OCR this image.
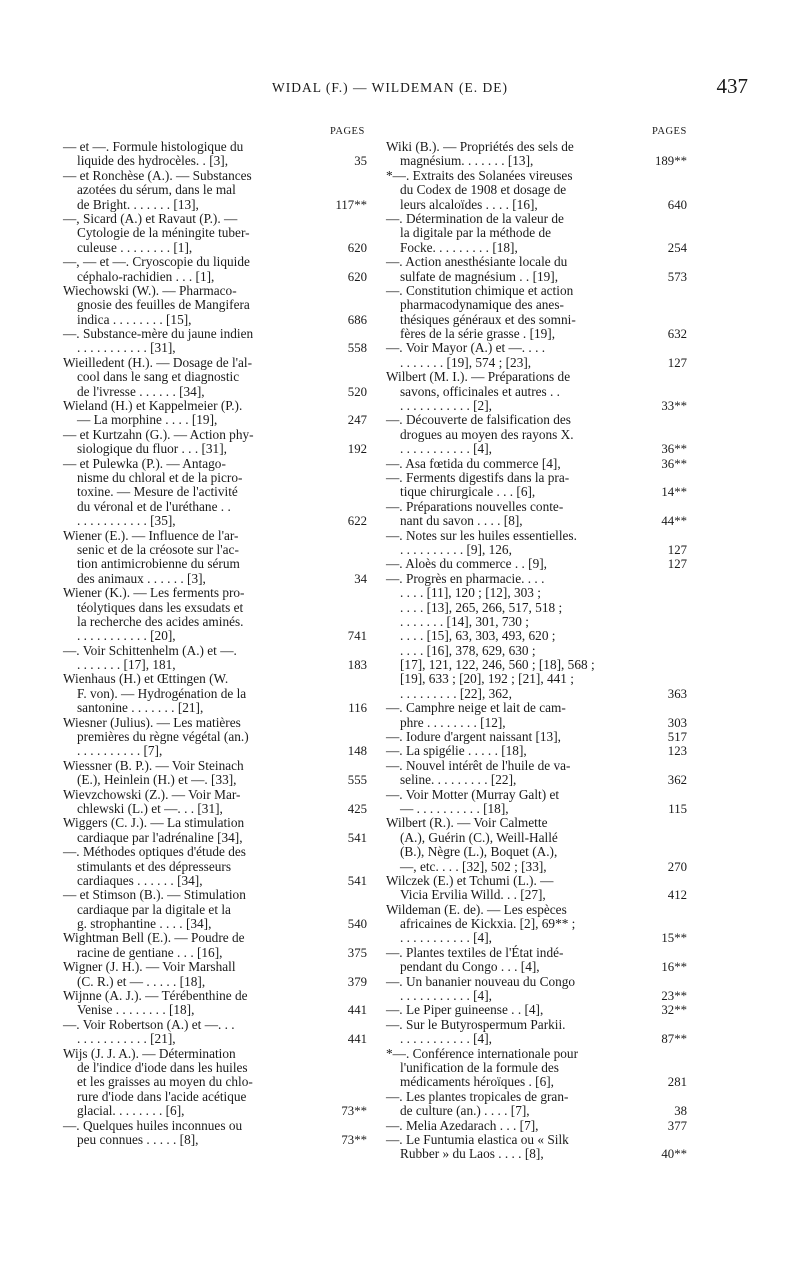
WIDAL (F.) — WILDEMAN (E. DE)	437
PAGES	PAGES
— et —. Formule histologique du
liquide des hydrocèles. . [3],	35
— et Ronchèse (A.). — Substances
azotées du sérum, dans le mal
de Bright. . . . . . . [13],	117**
—, Sicard (A.) et Ravaut (P.). —
Cytologie de la méningite tuber-
culeuse . . . . . . . . [1],	620
—, — et —. Cryoscopie du liquide
céphalo-rachidien . . . [1],	620
Wiechowski (W.). — Pharmaco-
gnosie des feuilles de Mangifera
indica . . . . . . . . [15],	686
—. Substance-mère du jaune indien
. . . . . . . . . . . [31],	558
Wieilledent (H.). — Dosage de l'al-
cool dans le sang et diagnostic
de l'ivresse . . . . . . [34],	520
Wieland (H.) et Kappelmeier (P.).
— La morphine . . . . [19],	247
— et Kurtzahn (G.). — Action phy-
siologique du fluor . . . [31],	192
— et Pulewka (P.). — Antago-
nisme du chloral et de la picro-
toxine. — Mesure de l'activité
du véronal et de l'uréthane . .
. . . . . . . . . . . [35],	622
Wiener (E.). — Influence de l'ar-
senic et de la créosote sur l'ac-
tion antimicrobienne du sérum
des animaux . . . . . . [3],	34
Wiener (K.). — Les ferments pro-
téolytiques dans les exsudats et
la recherche des acides aminés.
. . . . . . . . . . . [20],	741
—. Voir Schittenhelm (A.) et —.
. . . . . . . [17], 181,	183
Wienhaus (H.) et Œttingen (W.
F. von). — Hydrogénation de la
santonine . . . . . . . [21],	116
Wiesner (Julius). — Les matières
premières du règne végétal (an.)
. . . . . . . . . . [7],	148
Wiessner (B. P.). — Voir Steinach
(E.), Heinlein (H.) et —. [33],	555
Wievzchowski (Z.). — Voir Mar-
chlewski (L.) et —. . . [31],	425
Wiggers (C. J.). — La stimulation
cardiaque par l'adrénaline [34],	541
—. Méthodes optiques d'étude des
stimulants et des dépresseurs
cardiaques . . . . . . [34],	541
— et Stimson (B.). — Stimulation
cardiaque par la digitale et la
g. strophantine . . . . [34],	540
Wightman Bell (E.). — Poudre de
racine de gentiane . . . [16],	375
Wigner (J. H.). — Voir Marshall
(C. R.) et — . . . . . [18],	379
Wijnne (A. J.). — Térébenthine de
Venise . . . . . . . . [18],	441
—. Voir Robertson (A.) et —. . .
. . . . . . . . . . . [21],	441
Wijs (J. J. A.). — Détermination
de l'indice d'iode dans les huiles
et les graisses au moyen du chlo-
rure d'iode dans l'acide acétique
glacial. . . . . . . . [6],	73**
—. Quelques huiles inconnues ou
peu connues . . . . . [8],	73**
Wiki (B.). — Propriétés des sels de
magnésium. . . . . . . [13],	189**
*—. Extraits des Solanées vireuses
du Codex de 1908 et dosage de
leurs alcaloïdes . . . . [16],	640
—. Détermination de la valeur de
la digitale par la méthode de
Focke. . . . . . . . . [18],	254
—. Action anesthésiante locale du
sulfate de magnésium . . [19],	573
—. Constitution chimique et action
pharmacodynamique des anes-
thésiques généraux et des somni-
fères de la série grasse . [19],	632
—. Voir Mayor (A.) et —. . . .
. . . . . . . [19], 574 ; [23],	127
Wilbert (M. I.). — Préparations de
savons, officinales et autres . .
. . . . . . . . . . . [2],	33**
—. Découverte de falsification des
drogues au moyen des rayons X.
. . . . . . . . . . . [4],	36**
—. Asa fœtida du commerce [4],	36**
—. Ferments digestifs dans la pra-
tique chirurgicale . . . [6],	14**
—. Préparations nouvelles conte-
nant du savon . . . . [8],	44**
—. Notes sur les huiles essentielles.
. . . . . . . . . . [9], 126,	127
—. Aloès du commerce . . [9],	127
—. Progrès en pharmacie. . . .
. . . . [11], 120 ; [12], 303 ;
. . . . [13], 265, 266, 517, 518 ;
. . . . . . . [14], 301, 730 ;
. . . . [15], 63, 303, 493, 620 ;
. . . . [16], 378, 629, 630 ;
[17], 121, 122, 246, 560 ; [18], 568 ;
[19], 633 ; [20], 192 ; [21], 441 ;
. . . . . . . . . [22], 362,	363
—. Camphre neige et lait de cam-
phre . . . . . . . . [12],	303
—. Iodure d'argent naissant [13],	517
—. La spigélie . . . . . [18],	123
—. Nouvel intérêt de l'huile de va-
seline. . . . . . . . . [22],	362
—. Voir Motter (Murray Galt) et
— . . . . . . . . . . [18],	115
Wilbert (R.). — Voir Calmette
(A.), Guérin (C.), Weill-Hallé
(B.), Nègre (L.), Boquet (A.),
—, etc. . . . [32], 502 ; [33],	270
Wilczek (E.) et Tchumi (L.). —
Vicia Ervilia Willd. . . [27],	412
Wildeman (E. de). — Les espèces
africaines de Kickxia. [2], 69** ;
. . . . . . . . . . . [4],	15**
—. Plantes textiles de l'État indé-
pendant du Congo . . . [4],	16**
—. Un bananier nouveau du Congo
. . . . . . . . . . . [4],	23**
—. Le Piper guineense . . [4],	32**
—. Sur le Butyrospermum Parkii.
. . . . . . . . . . . [4],	87**
*—. Conférence internationale pour
l'unification de la formule des
médicaments héroïques . [6],	281
—. Les plantes tropicales de gran-
de culture (an.) . . . . [7],	38
—. Melia Azedarach . . . [7],	377
—. Le Funtumia elastica ou « Silk
Rubber » du Laos . . . . [8],	40**
